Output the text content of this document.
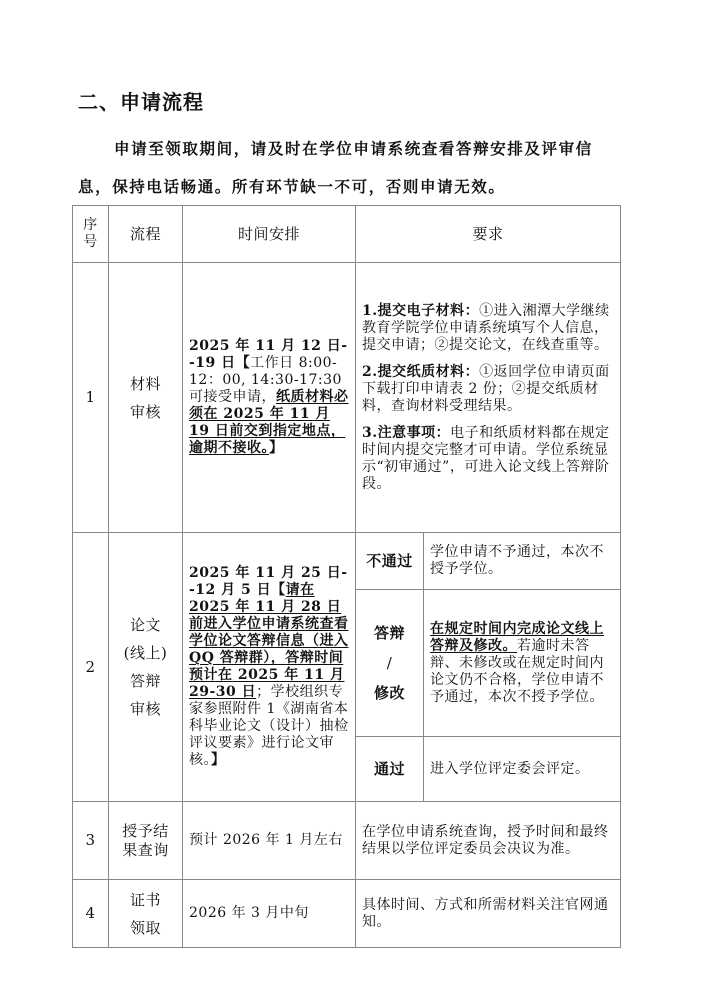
二、申请流程
申请至领取期间，请及时在学位申请系统查看答辩安排及评审信
息，保持电话畅通。所有环节缺一不可，否则申请无效。
序号	流程	时间安排	要求	
1	材料审核	2025 年 11 月 12 日--19 日【工作日 8:00-12：00, 14:30-17:30 可接受申请，纸质材料必须在 2025 年 11 月 19 日前交到指定地点，逾期不接收。】	1.提交电子材料：①进入湘潭大学继续教育学院学位申请系统填写个人信息，提交申请；②提交论文，在线查重等。

2.提交纸质材料：①返回学位申请页面下载打印申请表 2 份；②提交纸质材料，查询材料受理结果。

3.注意事项：电子和纸质材料都在规定时间内提交完整才可申请。学位系统显示“初审通过”，可进入论文线上答辩阶段。	

2	论文
(线上)
答辩
审核	2025 年 11 月 25 日--12 月 5 日【请在 2025 年 11 月 28 日前进入学位申请系统查看学位论文答辩信息（进入 QQ 答辩群），答辩时间预计在 2025 年 11 月 29-30 日；学校组织专家参照附件 1《湖南省本科毕业论文（设计）抽检评议要素》进行论文审核。】	不通过	学位申请不予通过，本次不授予学位。

			答辩
/
修改	在规定时间内完成论文线上答辩及修改。若逾时未答辩、未修改或在规定时间内论文仍不合格，学位申请不予通过，本次不授予学位。
			通过	进入学位评定委会评定。
3	授予结果查询	预计 2026 年 1 月左右	在学位申请系统查询，授予时间和最终结果以学位评定委员会决议为准。	
4	证书
领取	2026 年 3 月中旬	具体时间、方式和所需材料关注官网通知。	
